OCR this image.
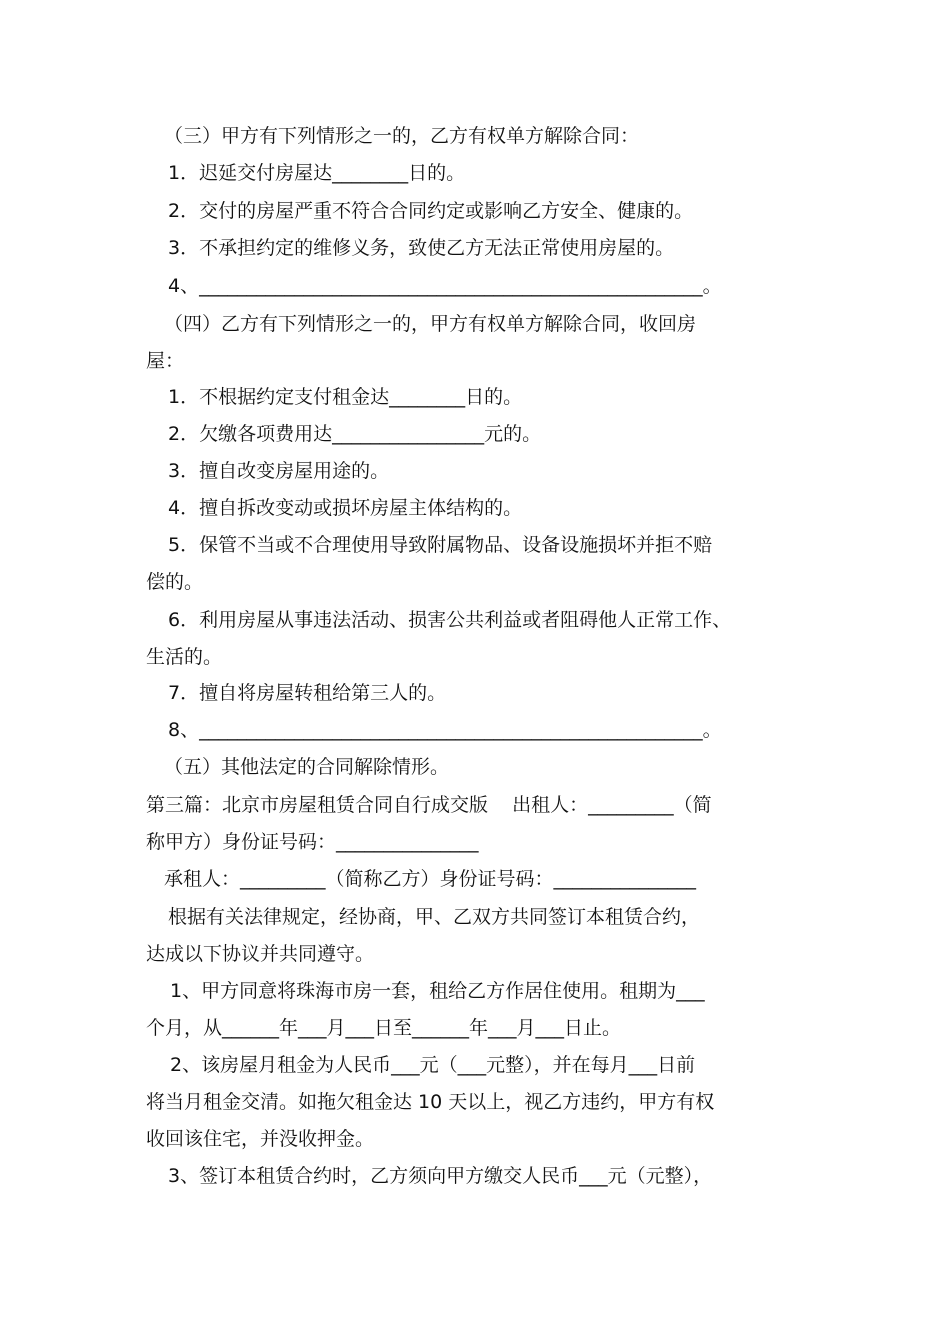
（三）甲方有下列情形之一的，乙方有权单方解除合同：
1．迟延交付房屋达________日的。
2．交付的房屋严重不符合合同约定或影响乙方安全、健康的。
3．不承担约定的维修义务，致使乙方无法正常使用房屋的。
4、_____________________________________________________。
（四）乙方有下列情形之一的，甲方有权单方解除合同，收回房
屋：
1．不根据约定支付租金达________日的。
2．欠缴各项费用达________________元的。
3．擅自改变房屋用途的。
4．擅自拆改变动或损坏房屋主体结构的。
5．保管不当或不合理使用导致附属物品、设备设施损坏并拒不赔
偿的。
6．利用房屋从事违法活动、损害公共利益或者阻碍他人正常工作、
生活的。
7．擅自将房屋转租给第三人的。
8、_____________________________________________________。
（五）其他法定的合同解除情形。
第三篇：北京市房屋租赁合同自行成交版    出租人：_________（简
称甲方）身份证号码：_______________
承租人：_________（简称乙方）身份证号码：_______________
根据有关法律规定，经协商，甲、乙双方共同签订本租赁合约，
达成以下协议并共同遵守。
1、甲方同意将珠海市房一套，租给乙方作居住使用。租期为___
个月，从______年___月___日至______年___月___日止。
2、该房屋月租金为人民币___元（___元整），并在每月___日前
将当月租金交清。如拖欠租金达 10 天以上，视乙方违约，甲方有权
收回该住宅，并没收押金。
3、签订本租赁合约时，乙方须向甲方缴交人民币___元（元整），
